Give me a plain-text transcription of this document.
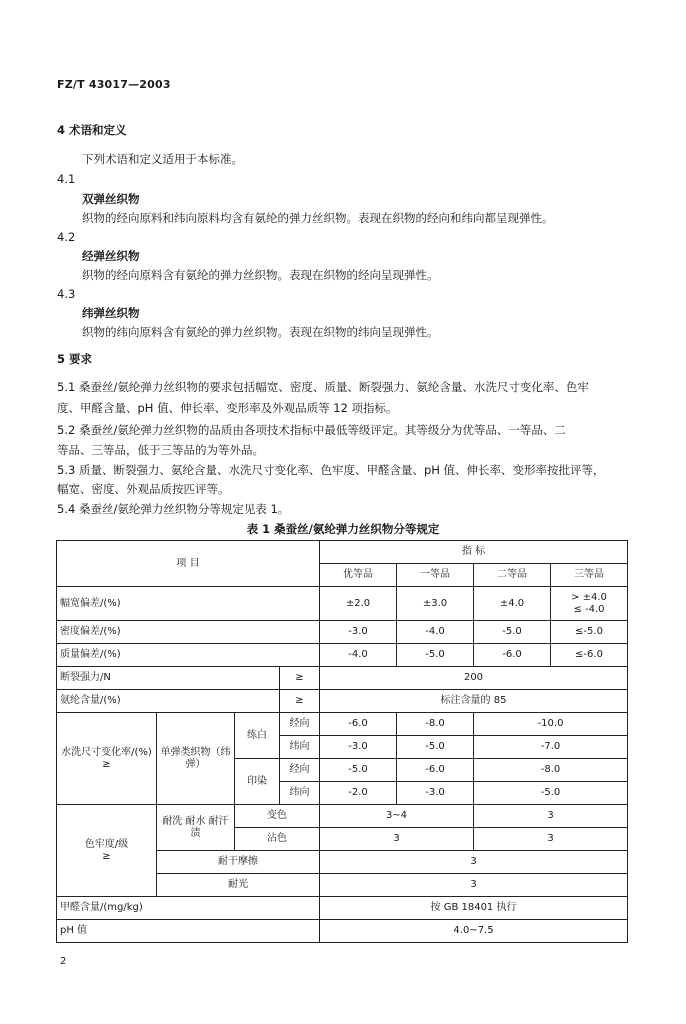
FZ/T 43017—2003
4 术语和定义
下列术语和定义适用于本标准。
4.1
双弹丝织物
织物的经向原料和纬向原料均含有氨纶的弹力丝织物。表现在织物的经向和纬向都呈现弹性。
4.2
经弹丝织物
织物的经向原料含有氨纶的弹力丝织物。表现在织物的经向呈现弹性。
4.3
纬弹丝织物
织物的纬向原料含有氨纶的弹力丝织物。表现在织物的纬向呈现弹性。
5 要求
5.1 桑蚕丝/氨纶弹力丝织物的要求包括幅宽、密度、质量、断裂强力、氨纶含量、水洗尺寸变化率、色牢
度、甲醛含量、pH 值、伸长率、变形率及外观品质等 12 项指标。
5.2 桑蚕丝/氨纶弹力丝织物的品质由各项技术指标中最低等级评定。其等级分为优等品、一等品、二
等品、三等品，低于三等品的为等外品。
5.3 质量、断裂强力、氨纶含量、水洗尺寸变化率、色牢度、甲醛含量、pH 值、伸长率、变形率按批评等，
幅宽、密度、外观品质按匹评等。
5.4 桑蚕丝/氨纶弹力丝织物分等规定见表 1。
表 1 桑蚕丝/氨纶弹力丝织物分等规定
项 目				指 标			
				优等品	一等品	二等品	三等品
幅宽偏差/(%)				±2.0	±3.0	±4.0	> ±4.0
≤ -4.0

密度偏差/(%)				-3.0	-4.0	-5.0	≤-5.0
质量偏差/(%)				-4.0	-5.0	-6.0	≤-6.0
断裂强力/N			≥	200			
氨纶含量/(%)			≥	标注含量的 85			

水洗尺寸变化率/(%)
≥	单弹类织物（纬弹）	练白	经向	-6.0	-8.0	-10.0	
			纬向	-3.0	-5.0	-7.0	
		印染	经向	-5.0	-6.0	-8.0	
			纬向	-2.0	-3.0	-5.0	

色牢度/级
≥	耐洗 耐水 耐汗渍	变色		3~4		3	
		沾色		3		3	
	耐干摩擦			3			
	耐光			3			
甲醛含量/(mg/kg)				按 GB 18401 执行			
pH 值				4.0~7.5			
2
